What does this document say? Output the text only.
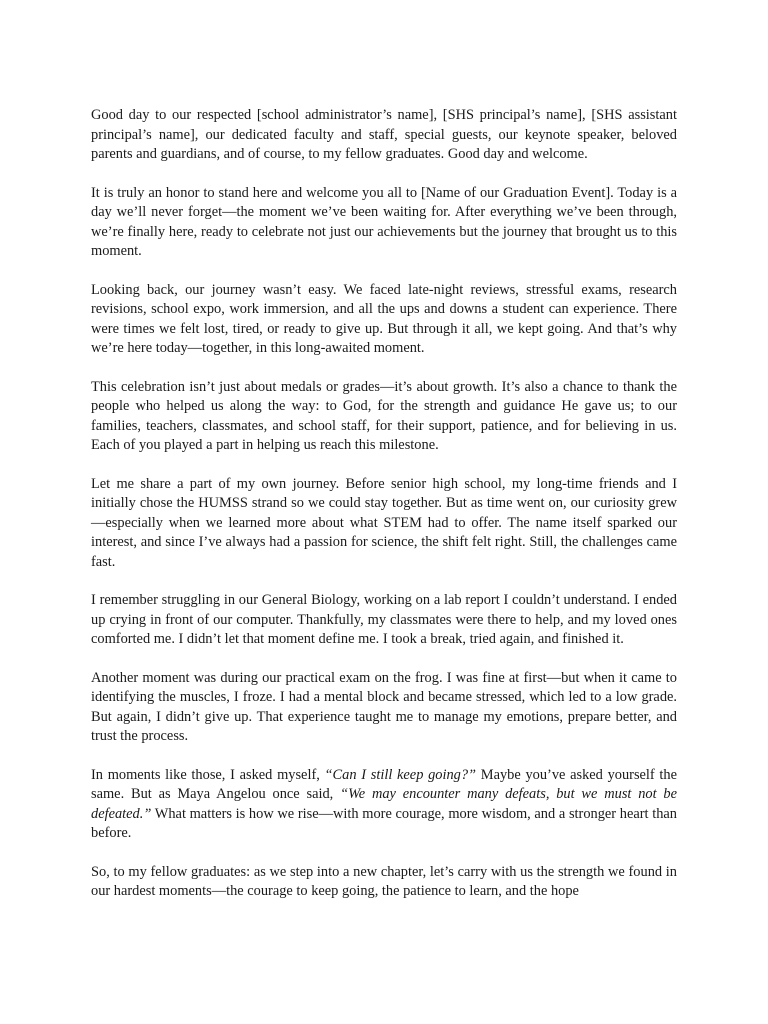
Good day to our respected [school administrator’s name], [SHS principal’s name], [SHS assistant principal’s name], our dedicated faculty and staff, special guests, our keynote speaker, beloved parents and guardians, and of course, to my fellow graduates. Good day and welcome.

It is truly an honor to stand here and welcome you all to [Name of our Graduation Event]. Today is a day we’ll never forget—the moment we’ve been waiting for. After everything we’ve been through, we’re finally here, ready to celebrate not just our achievements but the journey that brought us to this moment.

Looking back, our journey wasn’t easy. We faced late-night reviews, stressful exams, research revisions, school expo, work immersion, and all the ups and downs a student can experience. There were times we felt lost, tired, or ready to give up. But through it all, we kept going. And that’s why we’re here today—together, in this long-awaited moment.

This celebration isn’t just about medals or grades—it’s about growth. It’s also a chance to thank the people who helped us along the way: to God, for the strength and guidance He gave us; to our families, teachers, classmates, and school staff, for their support, patience, and for believing in us. Each of you played a part in helping us reach this milestone.

Let me share a part of my own journey. Before senior high school, my long-time friends and I initially chose the HUMSS strand so we could stay together. But as time went on, our curiosity grew—especially when we learned more about what STEM had to offer. The name itself sparked our interest, and since I’ve always had a passion for science, the shift felt right. Still, the challenges came fast.

I remember struggling in our General Biology, working on a lab report I couldn’t understand. I ended up crying in front of our computer. Thankfully, my classmates were there to help, and my loved ones comforted me. I didn’t let that moment define me. I took a break, tried again, and finished it.

Another moment was during our practical exam on the frog. I was fine at first—but when it came to identifying the muscles, I froze. I had a mental block and became stressed, which led to a low grade. But again, I didn’t give up. That experience taught me to manage my emotions, prepare better, and trust the process.

In moments like those, I asked myself, “Can I still keep going?” Maybe you’ve asked yourself the same. But as Maya Angelou once said, “We may encounter many defeats, but we must not be defeated.” What matters is how we rise—with more courage, more wisdom, and a stronger heart than before.

So, to my fellow graduates: as we step into a new chapter, let’s carry with us the strength we found in our hardest moments—the courage to keep going, the patience to learn, and the hope
